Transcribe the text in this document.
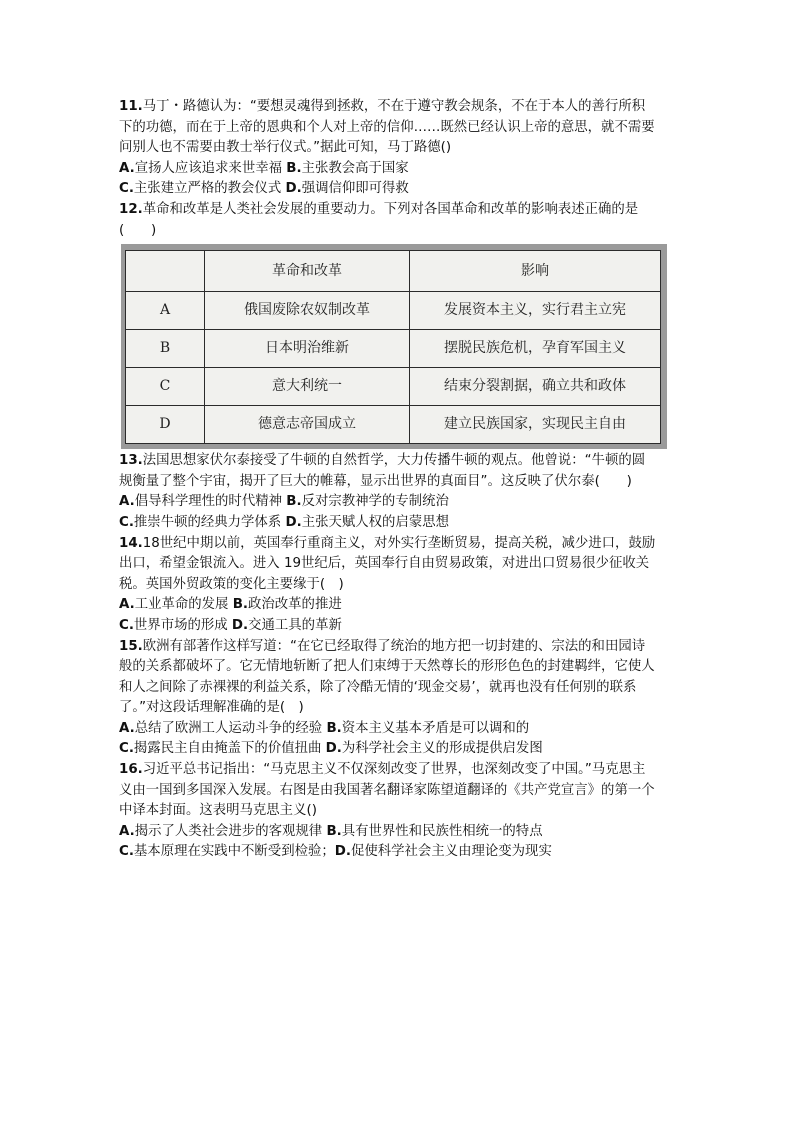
11.马丁・路德认为：“要想灵魂得到拯救，不在于遵守教会规条，不在于本人的善行所积

下的功德，而在于上帝的恩典和个人对上帝的信仰……既然已经认识上帝的意思，就不需要

问别人也不需要由教士举行仪式。”据此可知，马丁路德()

A.宣扬人应该追求来世幸福 B.主张教会高于国家

C.主张建立严格的教会仪式 D.强调信仰即可得救

12.革命和改革是人类社会发展的重要动力。下列对各国革命和改革的影响表述正确的是

(　　)

	革命和改革	影响
A	俄国废除农奴制改革	发展资本主义，实行君主立宪
B	日本明治维新	摆脱民族危机，孕育军国主义
C	意大利统一	结束分裂割据，确立共和政体
D	德意志帝国成立	建立民族国家，实现民主自由

13.法国思想家伏尔泰接受了牛顿的自然哲学，大力传播牛顿的观点。他曾说：“牛顿的圆

规衡量了整个宇宙，揭开了巨大的帷幕，显示出世界的真面目”。这反映了伏尔泰(　　)

A.倡导科学理性的时代精神 B.反对宗教神学的专制统治

C.推崇牛顿的经典力学体系 D.主张天赋人权的启蒙思想

14.18世纪中期以前，英国奉行重商主义，对外实行垄断贸易，提高关税，减少进口，鼓励

出口，希望金银流入。进入 19世纪后，英国奉行自由贸易政策，对进出口贸易很少征收关

税。英国外贸政策的变化主要缘于(　)

A.工业革命的发展 B.政治改革的推进

C.世界市场的形成 D.交通工具的革新

15.欧洲有部著作这样写道：“在它已经取得了统治的地方把一切封建的、宗法的和田园诗

般的关系都破坏了。它无情地斩断了把人们束缚于天然尊长的形形色色的封建羁绊，它使人

和人之间除了赤裸裸的利益关系，除了冷酷无情的‘现金交易’，就再也没有任何别的联系

了。”对这段话理解准确的是(　)

A.总结了欧洲工人运动斗争的经验 B.资本主义基本矛盾是可以调和的

C.揭露民主自由掩盖下的价值扭曲 D.为科学社会主义的形成提供启发图

16.习近平总书记指出：“马克思主义不仅深刻改变了世界，也深刻改变了中国。”马克思主

义由一国到多国深入发展。右图是由我国著名翻译家陈望道翻译的《共产党宣言》的第一个

中译本封面。这表明马克思主义()

A.揭示了人类社会进步的客观规律 B.具有世界性和民族性相统一的特点

C.基本原理在实践中不断受到检验；D.促使科学社会主义由理论变为现实
